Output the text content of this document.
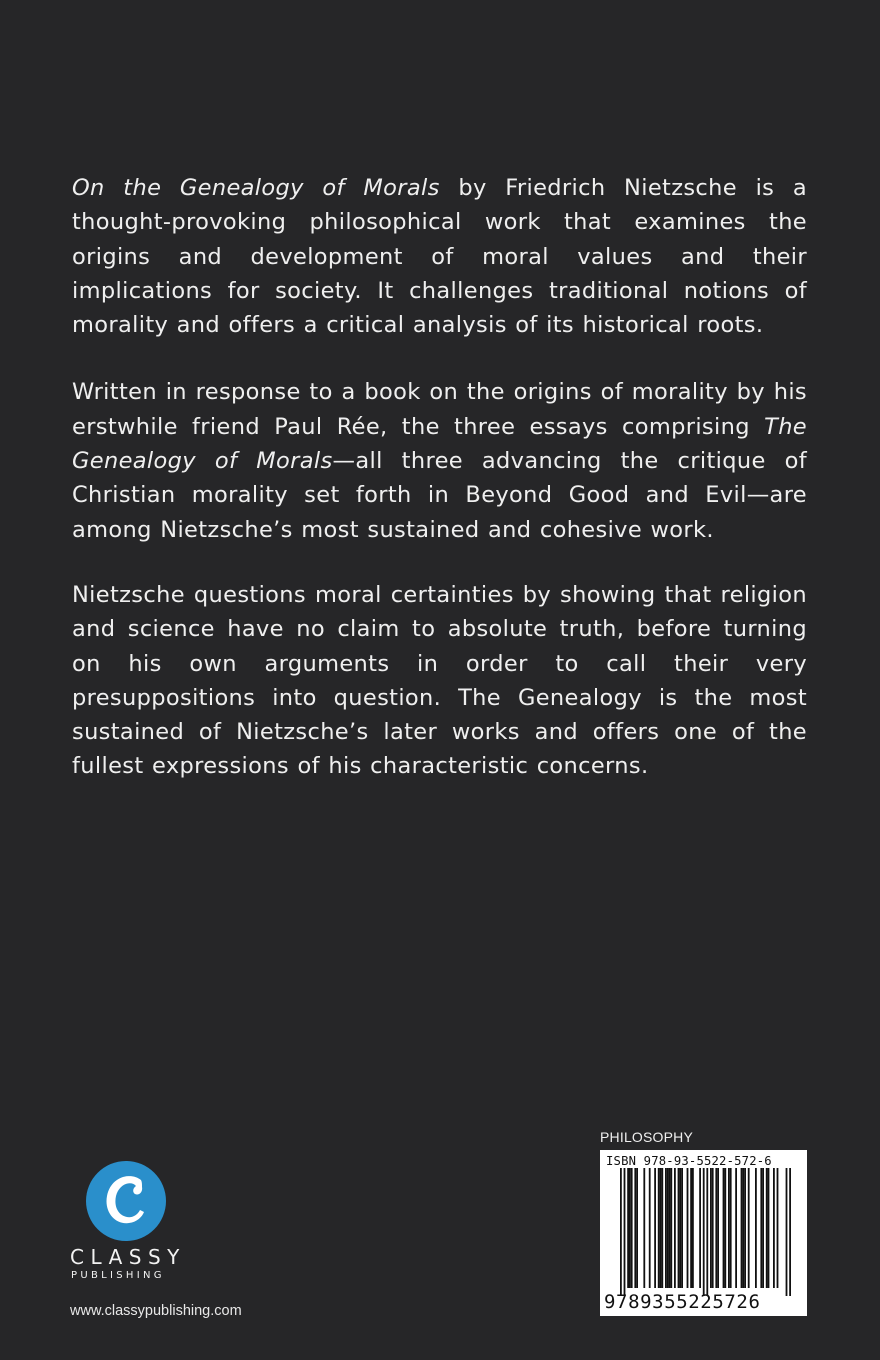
On the Genealogy of Morals by Friedrich Nietzsche is a thought-provoking philosophical work that examines the origins and development of moral values and their implications for society. It challenges traditional notions of morality and offers a critical analysis of its historical roots.

Written in response to a book on the origins of morality by his erstwhile friend Paul Rée, the three essays comprising The Genealogy of Morals—all three advancing the critique of Christian morality set forth in Beyond Good and Evil—are among Nietzsche’s most sustained and cohesive work.

Nietzsche questions moral certainties by showing that religion and science have no claim to absolute truth, before turning on his own arguments in order to call their very presuppositions into question. The Genealogy is the most sustained of Nietzsche’s later works and offers one of the fullest expressions of his characteristic concerns.

CLASSY
PUBLISHING
www.classypublishing.com
PHILOSOPHY
ISBN 978-93-5522-572-6
9789355225726
